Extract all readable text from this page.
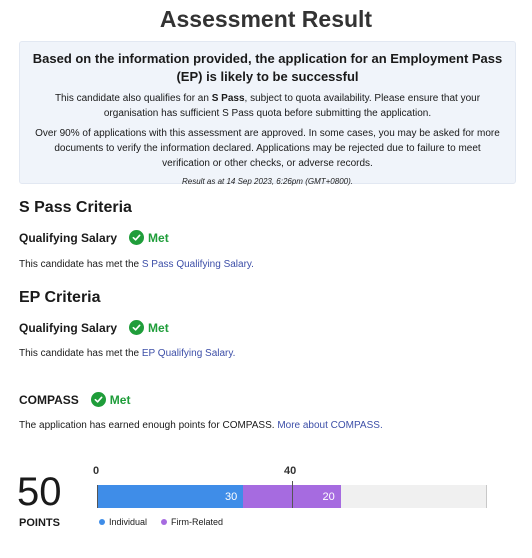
Assessment Result
Based on the information provided, the application for an Employment Pass (EP) is likely to be successful
This candidate also qualifies for an S Pass, subject to quota availability. Please ensure that your organisation has sufficient S Pass quota before submitting the application.
Over 90% of applications with this assessment are approved. In some cases, you may be asked for more documents to verify the information declared. Applications may be rejected due to failure to meet verification or other checks, or adverse records.
Result as at 14 Sep 2023, 6:26pm (GMT+0800).
S Pass Criteria
Qualifying Salary	Met
This candidate has met the S Pass Qualifying Salary.
EP Criteria
Qualifying Salary	Met
This candidate has met the EP Qualifying Salary.
COMPASS	Met
The application has earned enough points for COMPASS. More about COMPASS.
50
POINTS
30	20
0	40
Individual	Firm-Related
